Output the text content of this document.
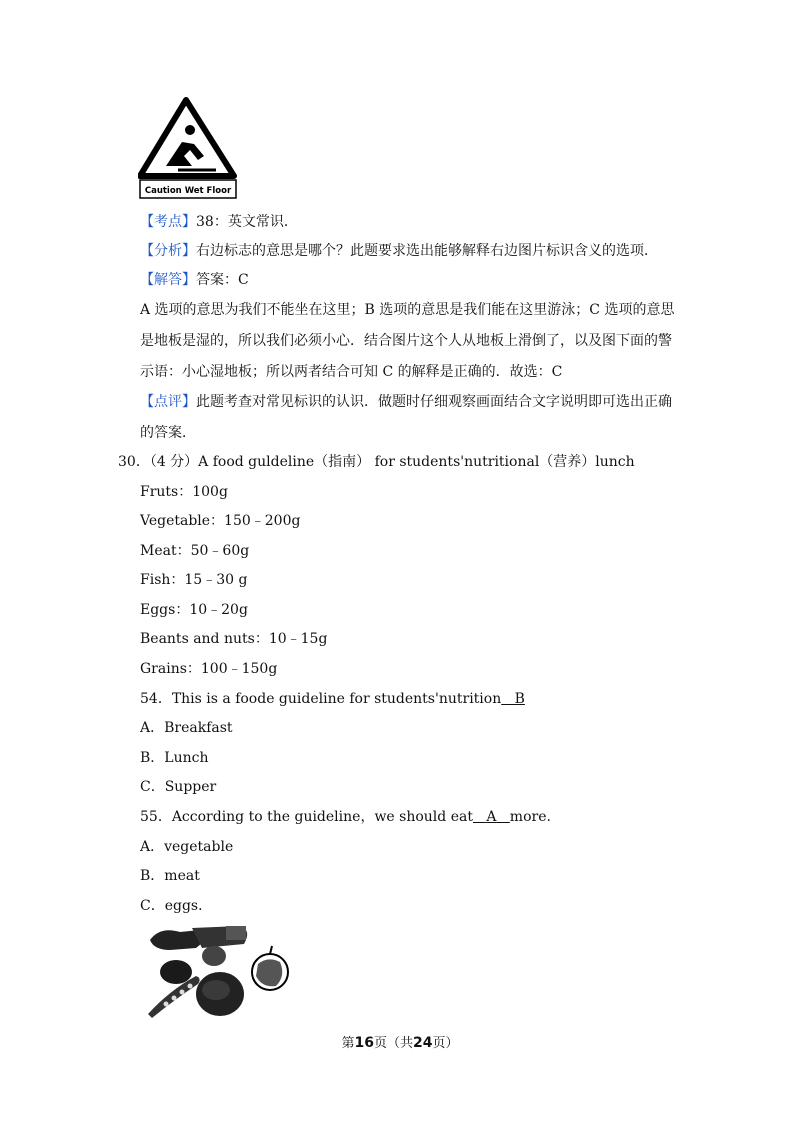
Caution Wet Floor
【考点】38：英文常识．
【分析】右边标志的意思是哪个？此题要求选出能够解释右边图片标识含义的选项．
【解答】答案：C
A 选项的意思为我们不能坐在这里；B 选项的意思是我们能在这里游泳；C 选项的意思
是地板是湿的，所以我们必须小心．结合图片这个人从地板上滑倒了，以及图下面的警
示语：小心湿地板；所以两者结合可知 C 的解释是正确的．故选：C
【点评】此题考查对常见标识的认识．做题时仔细观察画面结合文字说明即可选出正确
的答案．
30．（4 分）A food guldeline（指南） for students'nutritional（营养）lunch
Fruts：100g
Vegetable：150﹣200g
Meat：50﹣60g
Fish：15﹣30 g
Eggs：10﹣20g
Beants and nuts：10﹣15g
Grains：100﹣150g
54．This is a foode guideline for students'nutrition B
A．Breakfast
B．Lunch
C．Supper
55．According to the guideline，we should eat A more.
A．vegetable
B．meat
C．eggs．
第16页（共24页）
